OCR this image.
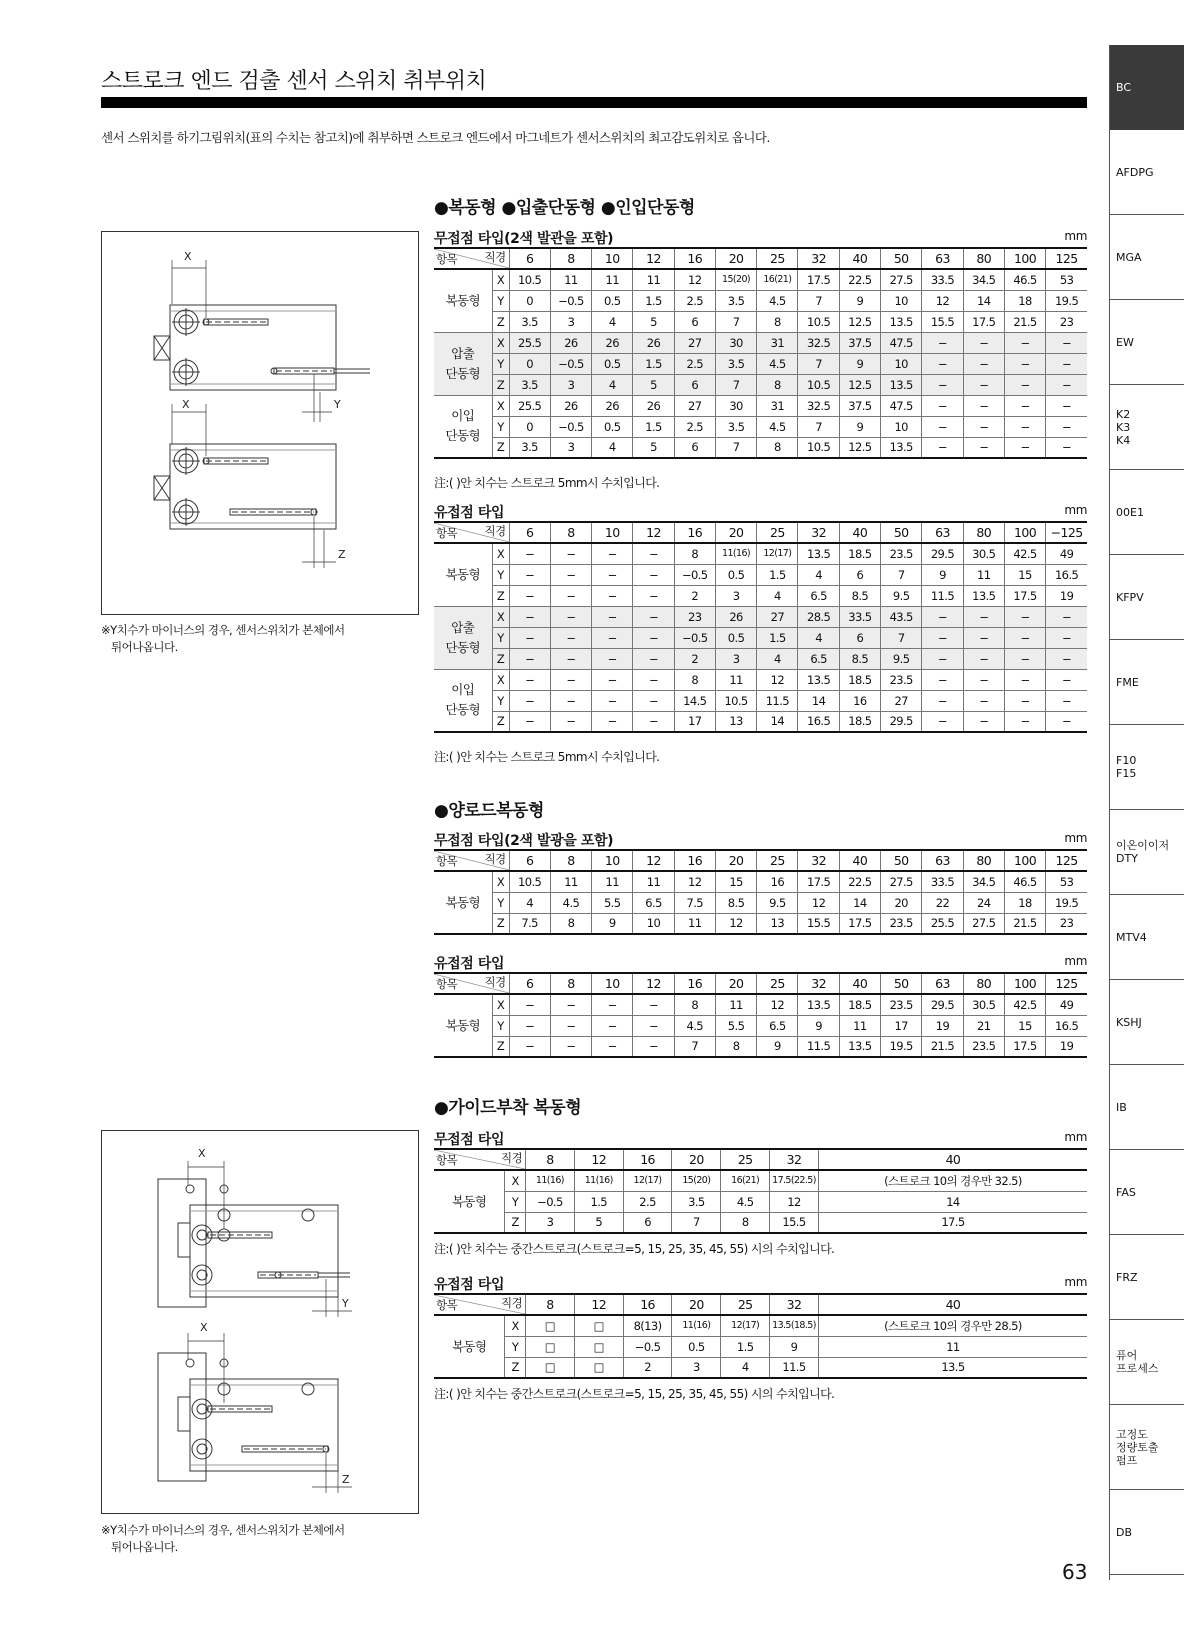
스트로크 엔드 검출 센서 스위치 취부위치
센서 스위치를 하기그림위치(표의 수치는 참고치)에 취부하면 스트로크 엔드에서 마그네트가 센서스위치의 최고감도위치로 옵니다.
X
X	Y
Z
※Y치수가 마이너스의 경우, 센서스위치가 본체에서
튀어나옵니다.
X
Y
X
Z
※Y치수가 마이너스의 경우, 센서스위치가 본체에서
튀어나옵니다.
●복동형 ●입출단동형 ●인입단동형
무접점 타입(2색 발관을 포함)	mm
항목 직경		6	8	10	12	16	20	25	32	40	50	63	80	100	125
복동형	X	10.5	11	11	11	12	15(20)	16(21)	17.5	22.5	27.5	33.5	34.5	46.5	53
	Y	0	−0.5	0.5	1.5	2.5	3.5	4.5	7	9	10	12	14	18	19.5
	Z	3.5	3	4	5	6	7	8	10.5	12.5	13.5	15.5	17.5	21.5	23
압출
단동형	X	25.5	26	26	26	27	30	31	32.5	37.5	47.5	−	−	−	−
	Y	0	−0.5	0.5	1.5	2.5	3.5	4.5	7	9	10	−	−	−	−
	Z	3.5	3	4	5	6	7	8	10.5	12.5	13.5	−	−	−	−
이입
단동형	X	25.5	26	26	26	27	30	31	32.5	37.5	47.5	−	−	−	−
	Y	0	−0.5	0.5	1.5	2.5	3.5	4.5	7	9	10	−	−	−	−
	Z	3.5	3	4	5	6	7	8	10.5	12.5	13.5	−	−	−	−
注:( )안 치수는 스트로크 5mm시 수치입니다.
유접점 타입	mm
항목 직경		6	8	10	12	16	20	25	32	40	50	63	80	100	−125
복동형	X	−	−	−	−	8	11(16)	12(17)	13.5	18.5	23.5	29.5	30.5	42.5	49
	Y	−	−	−	−	−0.5	0.5	1.5	4	6	7	9	11	15	16.5
	Z	−	−	−	−	2	3	4	6.5	8.5	9.5	11.5	13.5	17.5	19
압출
단동형	X	−	−	−	−	23	26	27	28.5	33.5	43.5	−	−	−	−
	Y	−	−	−	−	−0.5	0.5	1.5	4	6	7	−	−	−	−
	Z	−	−	−	−	2	3	4	6.5	8.5	9.5	−	−	−	−
이입
단동형	X	−	−	−	−	8	11	12	13.5	18.5	23.5	−	−	−	−
	Y	−	−	−	−	14.5	10.5	11.5	14	16	27	−	−	−	−
	Z	−	−	−	−	17	13	14	16.5	18.5	29.5	−	−	−	−
注:( )안 치수는 스트로크 5mm시 수치입니다.
●양로드복동형
무접점 타입(2색 발광을 포함)	mm
항목 직경		6	8	10	12	16	20	25	32	40	50	63	80	100	125
복동형	X	10.5	11	11	11	12	15	16	17.5	22.5	27.5	33.5	34.5	46.5	53
	Y	4	4.5	5.5	6.5	7.5	8.5	9.5	12	14	20	22	24	18	19.5
	Z	7.5	8	9	10	11	12	13	15.5	17.5	23.5	25.5	27.5	21.5	23
유접점 타입	mm
항목 직경		6	8	10	12	16	20	25	32	40	50	63	80	100	125
복동형	X	−	−	−	−	8	11	12	13.5	18.5	23.5	29.5	30.5	42.5	49
	Y	−	−	−	−	4.5	5.5	6.5	9	11	17	19	21	15	16.5
	Z	−	−	−	−	7	8	9	11.5	13.5	19.5	21.5	23.5	17.5	19
●가이드부착 복동형
무접점 타입	mm
항목 직경		8	12	16	20	25	32	40
복동형	X	11(16)	11(16)	12(17)	15(20)	16(21)	17.5(22.5)	(스트로크 10의 경우만 32.5)
	Y	−0.5	1.5	2.5	3.5	4.5	12	14
	Z	3	5	6	7	8	15.5	17.5
注:( )안 치수는 중간스트로크(스트로크=5, 15, 25, 35, 45, 55) 시의 수치입니다.
유접점 타입	mm
항목 직경		8	12	16	20	25	32	40
복동형	X	□	□	8(13)	11(16)	12(17)	13.5(18.5)	(스트로크 10의 경우만 28.5)
	Y	□	□	−0.5	0.5	1.5	9	11
	Z	□	□	2	3	4	11.5	13.5
注:( )안 치수는 중간스트로크(스트로크=5, 15, 25, 35, 45, 55) 시의 수치입니다.
BC
AFDPG
MGA
EW
K2
K3
K4
00E1
KFPV
FME
F10
F15
이온이이저
DTY
MTV4
KSHJ
IB
FAS
FRZ
퓨어
프로세스
고정도
정량토출
펌프
DB
63
